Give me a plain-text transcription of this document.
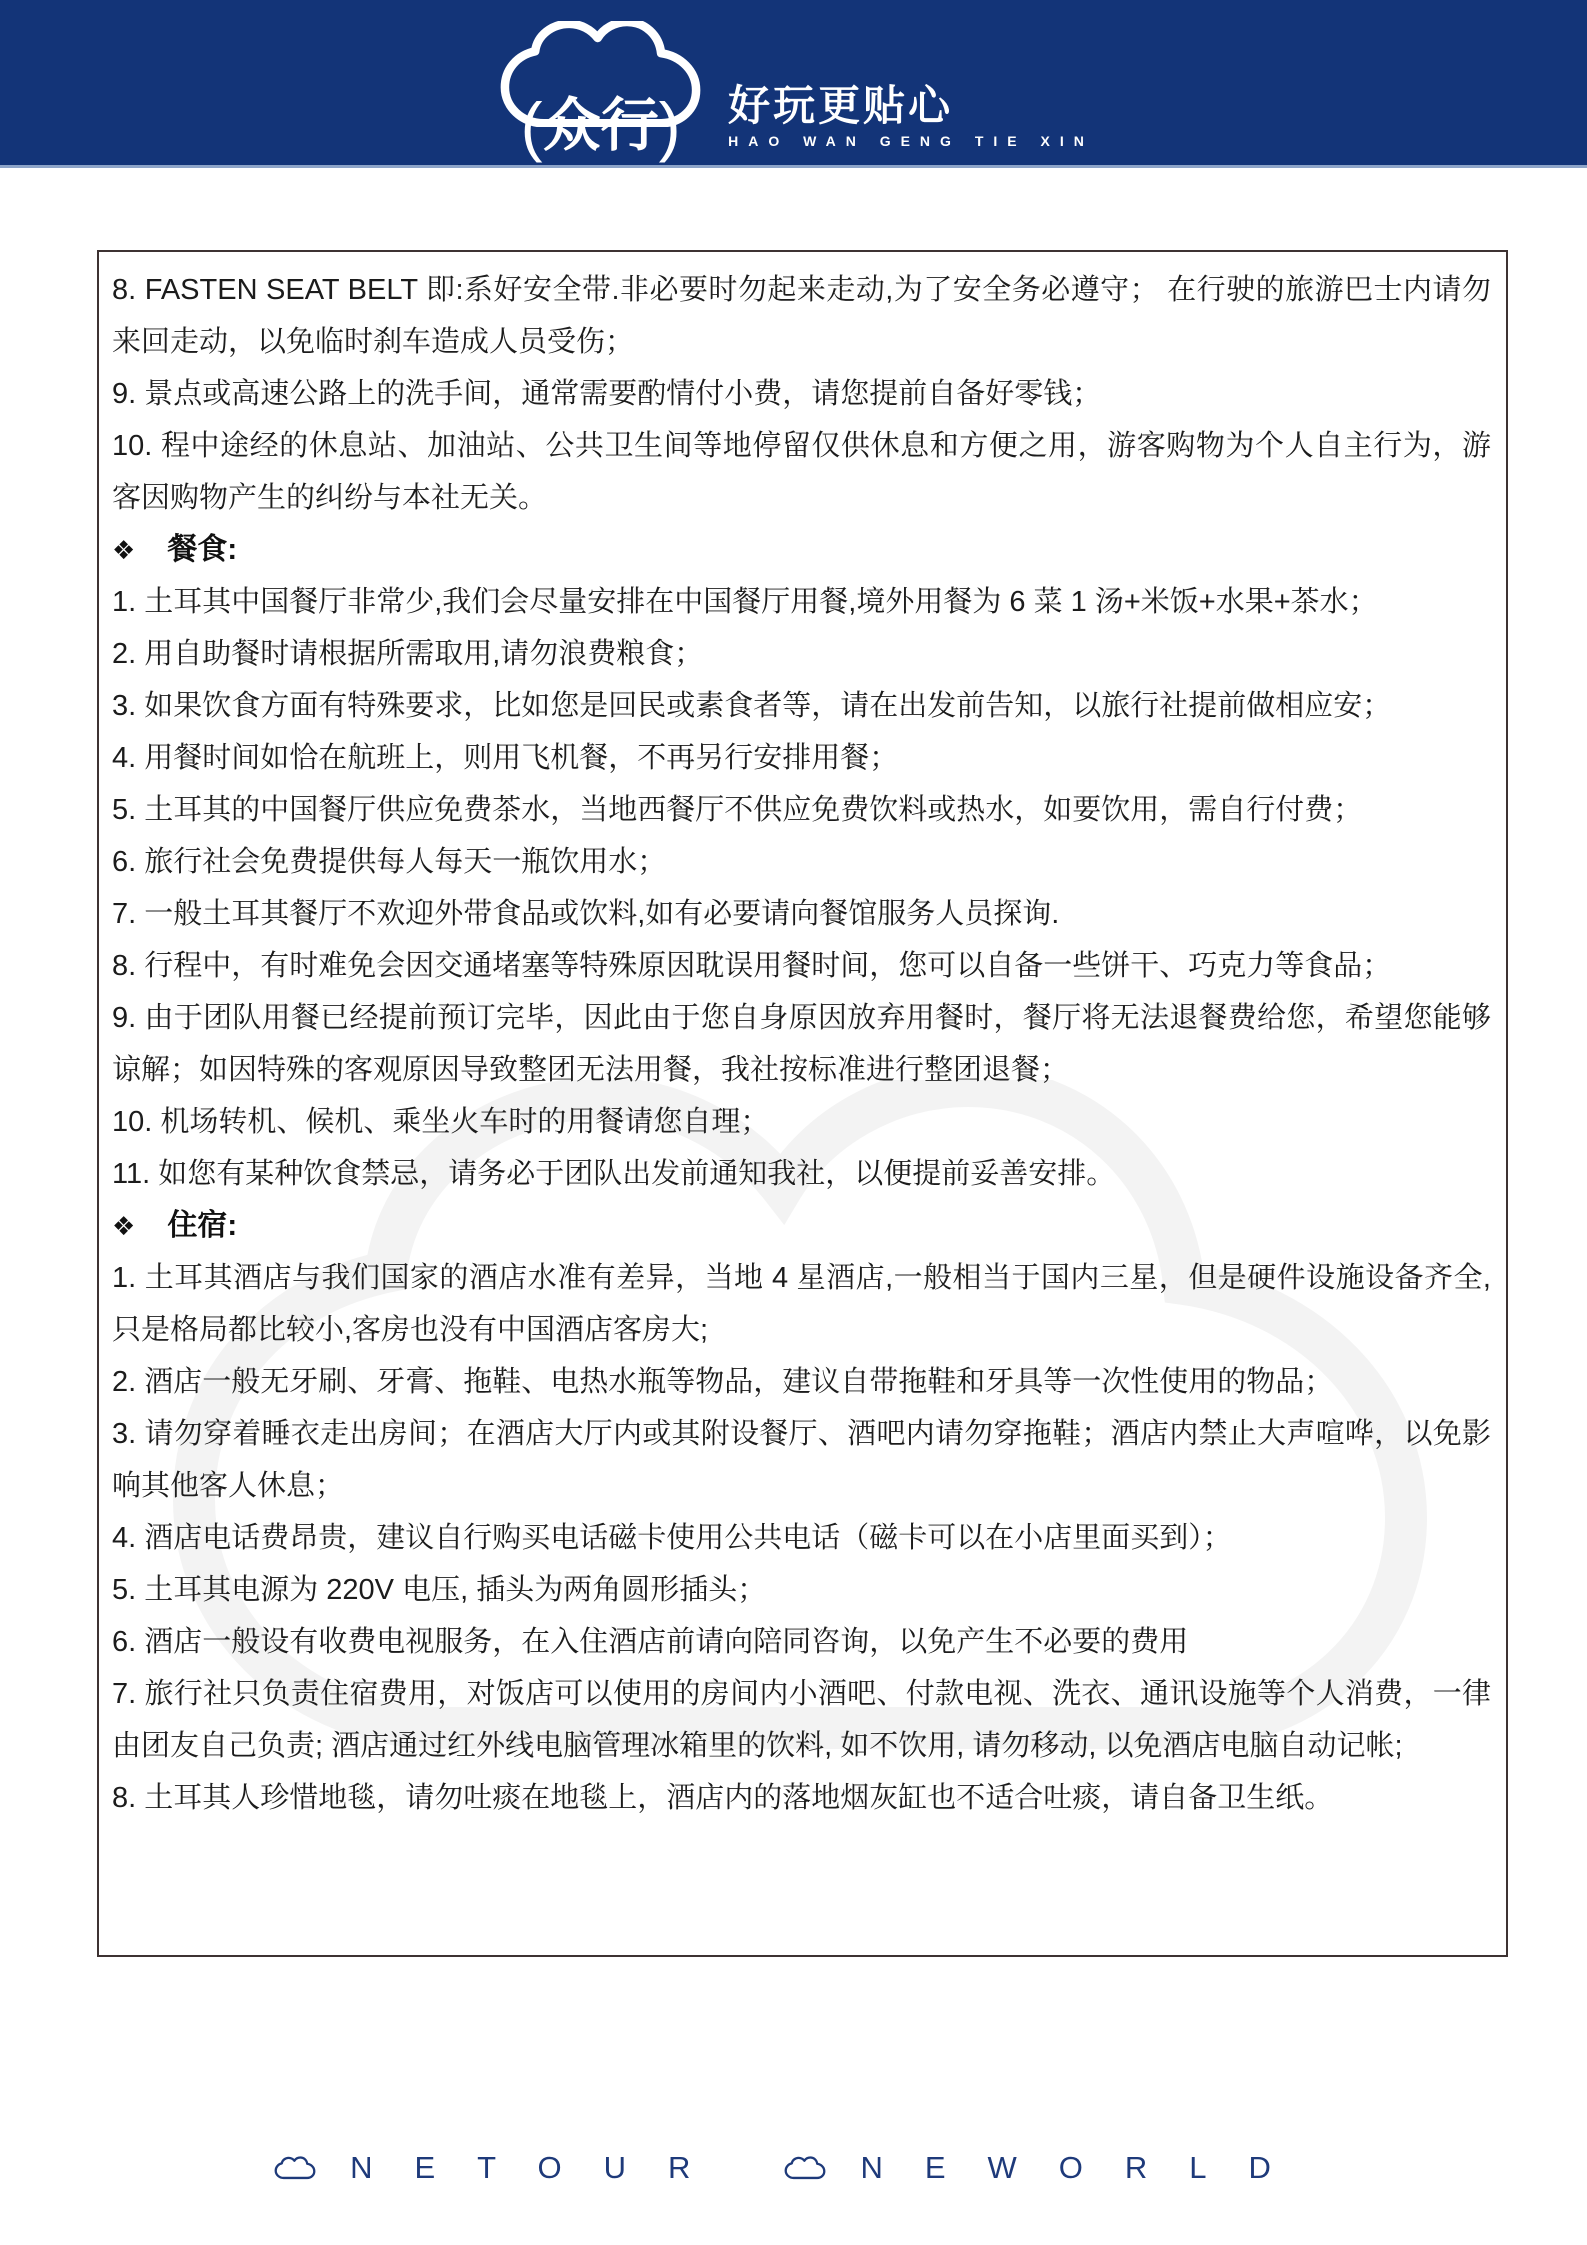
(众行)	好玩更贴心
HAO WAN GENG TIE XIN

8. FASTEN SEAT BELT 即:系好安全带.非必要时勿起来走动,为了安全务必遵守； 在行驶的旅游巴士内请勿来回走动，以免临时刹车造成人员受伤；

9. 景点或高速公路上的洗手间，通常需要酌情付小费，请您提前自备好零钱；

10. 程中途经的休息站、加油站、公共卫生间等地停留仅供休息和方便之用，游客购物为个人自主行为，游客因购物产生的纠纷与本社无关。

❖ 餐食:

1. 土耳其中国餐厅非常少,我们会尽量安排在中国餐厅用餐,境外用餐为 6 菜 1 汤+米饭+水果+茶水；

2. 用自助餐时请根据所需取用,请勿浪费粮食；

3. 如果饮食方面有特殊要求，比如您是回民或素食者等，请在出发前告知，以旅行社提前做相应安；

4. 用餐时间如恰在航班上，则用飞机餐，不再另行安排用餐；

5. 土耳其的中国餐厅供应免费茶水，当地西餐厅不供应免费饮料或热水，如要饮用，需自行付费；

6. 旅行社会免费提供每人每天一瓶饮用水；

7. 一般土耳其餐厅不欢迎外带食品或饮料,如有必要请向餐馆服务人员探询.

8. 行程中，有时难免会因交通堵塞等特殊原因耽误用餐时间，您可以自备一些饼干、巧克力等食品；

9. 由于团队用餐已经提前预订完毕，因此由于您自身原因放弃用餐时，餐厅将无法退餐费给您，希望您能够谅解；如因特殊的客观原因导致整团无法用餐，我社按标准进行整团退餐；

10. 机场转机、候机、乘坐火车时的用餐请您自理；

11. 如您有某种饮食禁忌，请务必于团队出发前通知我社，以便提前妥善安排。

❖ 住宿:

1. 土耳其酒店与我们国家的酒店水准有差异，当地 4 星酒店,一般相当于国内三星，但是硬件设施设备齐全,只是格局都比较小,客房也没有中国酒店客房大;

2. 酒店一般无牙刷、牙膏、拖鞋、电热水瓶等物品，建议自带拖鞋和牙具等一次性使用的物品；

3. 请勿穿着睡衣走出房间；在酒店大厅内或其附设餐厅、酒吧内请勿穿拖鞋；酒店内禁止大声喧哗，以免影响其他客人休息；

4. 酒店电话费昂贵，建议自行购买电话磁卡使用公共电话（磁卡可以在小店里面买到）；

5. 土耳其电源为 220V 电压, 插头为两角圆形插头；

6. 酒店一般设有收费电视服务，在入住酒店前请向陪同咨询，以免产生不必要的费用

7. 旅行社只负责住宿费用，对饭店可以使用的房间内小酒吧、付款电视、洗衣、通讯设施等个人消费，一律由团友自己负责; 酒店通过红外线电脑管理冰箱里的饮料, 如不饮用, 请勿移动, 以免酒店电脑自动记帐;

8. 土耳其人珍惜地毯，请勿吐痰在地毯上，酒店内的落地烟灰缸也不适合吐痰，请自备卫生纸。

NETOUR	NEWORLD
